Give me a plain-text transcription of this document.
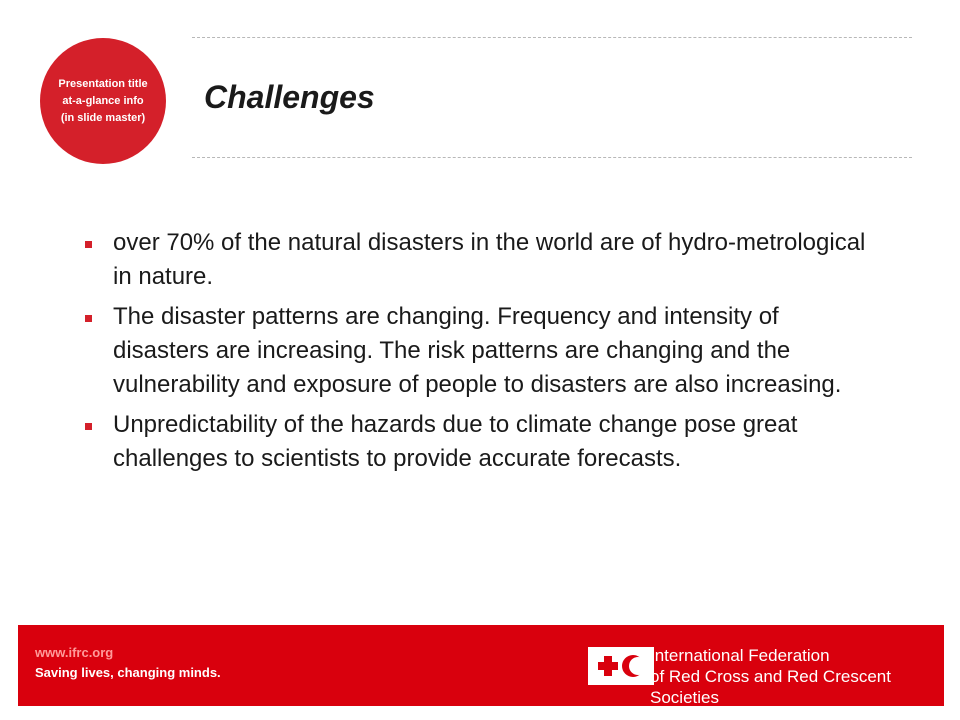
Presentation title
at-a-glance info
(in slide master)
Challenges
over 70% of the natural disasters in the world are of hydro-metrological in nature.
The disaster patterns are changing. Frequency and intensity of disasters are increasing. The risk patterns are changing and the vulnerability and exposure of people to disasters are also increasing.
Unpredictability of the hazards due to climate change pose great challenges to scientists to provide accurate forecasts.
www.ifrc.org
Saving lives, changing minds.
International Federation
of Red Cross and Red Crescent Societies
